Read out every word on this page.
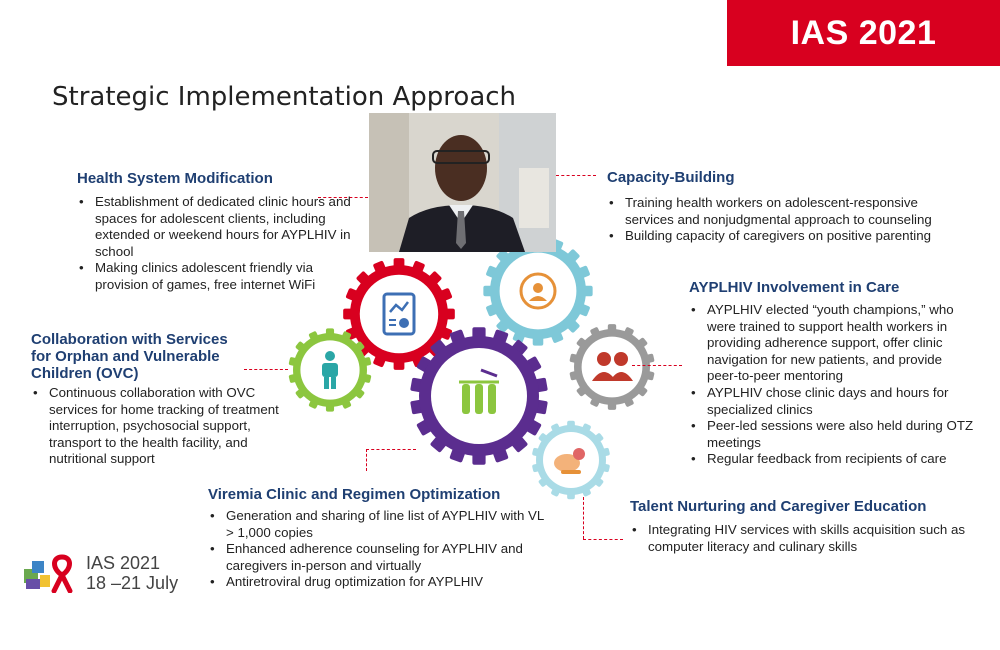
IAS 2021
Strategic Implementation Approach
Health System Modification
• Establishment of dedicated clinic hours and spaces for adolescent clients, including extended or weekend hours for AYPLHIV in school
• Making clinics adolescent friendly via provision of games, free internet WiFi
Capacity-Building
• Training health workers on adolescent-responsive services and nonjudgmental approach to counseling
• Building capacity of caregivers on positive parenting
Collaboration with Services
for Orphan and Vulnerable
Children (OVC)
• Continuous collaboration with OVC services for home tracking of treatment interruption, psychosocial support, transport to the health facility, and nutritional support
AYPLHIV Involvement in Care
• AYPLHIV elected “youth champions,” who were trained to support health workers in providing adherence support, offer clinic navigation for new patients, and provide peer-to-peer mentoring
• AYPLHIV chose clinic days and hours for specialized clinics
• Peer-led sessions were also held during OTZ meetings
• Regular feedback from recipients of care
Viremia Clinic and Regimen Optimization
• Generation and sharing of line list of AYPLHIV with VL > 1,000 copies
• Enhanced adherence counseling for AYPLHIV and caregivers in-person and virtually
• Antiretroviral drug optimization for AYPLHIV
Talent Nurturing and Caregiver Education
• Integrating HIV services with skills acquisition such as computer literacy and culinary skills
IAS 2021
18 –21 July
